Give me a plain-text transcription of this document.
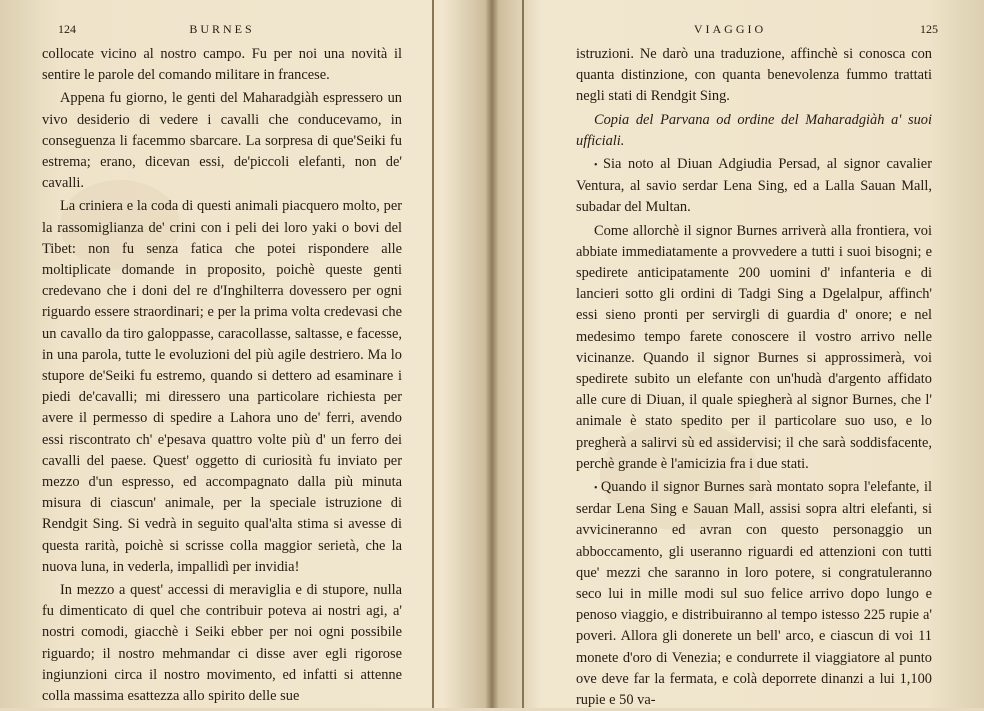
124	BURNES

collocate vicino al nostro campo. Fu per noi una novità il sentire le parole del comando militare in francese.

Appena fu giorno, le genti del Maharadgiàh espressero un vivo desiderio di vedere i cavalli che conducevamo, in conseguenza li facemmo sbarcare. La sorpresa di que'Seiki fu estrema; erano, dicevan essi, de'piccoli elefanti, non de' cavalli.

La criniera e la coda di questi animali piacquero molto, per la rassomiglianza de' crini con i peli dei loro yaki o bovi del Tibet: non fu senza fatica che potei rispondere alle moltiplicate domande in proposito, poichè queste genti credevano che i doni del re d'Inghilterra dovessero per ogni riguardo essere straordinari; e per la prima volta credevasi che un cavallo da tiro galoppasse, caracollasse, saltasse, e facesse, in una parola, tutte le evoluzioni del più agile destriero. Ma lo stupore de'Seiki fu estremo, quando si dettero ad esaminare i piedi de'cavalli; mi diressero una particolare richiesta per avere il permesso di spedire a Lahora uno de' ferri, avendo essi riscontrato ch' e'pesava quattro volte più d' un ferro dei cavalli del paese. Quest' oggetto di curiosità fu inviato per mezzo d'un espresso, ed accompagnato dalla più minuta misura di ciascun' animale, per la speciale istruzione di Rendgit Sing. Si vedrà in seguito qual'alta stima si avesse di questa rarità, poichè si scrisse colla maggior serietà, che la nuova luna, in vederla, impallidì per invidia!

In mezzo a quest' accessi di meraviglia e di stupore, nulla fu dimenticato di quel che contribuir poteva ai nostri agi, a' nostri comodi, giacchè i Seiki ebber per noi ogni possibile riguardo; il nostro mehmandar ci disse aver egli rigorose ingiunzioni circa il nostro movimento, ed infatti si attenne colla massima esattezza allo spirito delle sue

VIAGGIO	125

istruzioni. Ne darò una traduzione, affinchè si conosca con quanta distinzione, con quanta benevolenza fummo trattati negli stati di Rendgit Sing.

Copia del Parvana od ordine del Maharadgiàh a' suoi ufficiali.

• Sia noto al Diuan Adgiudia Persad, al signor cavalier Ventura, al savio serdar Lena Sing, ed a Lalla Sauan Mall, subadar del Multan.

Come allorchè il signor Burnes arriverà alla frontiera, voi abbiate immediatamente a provvedere a tutti i suoi bisogni; e spedirete anticipatamente 200 uomini d' infanteria e di lancieri sotto gli ordini di Tadgi Sing a Dgelalpur, affinch' essi sieno pronti per servirgli di guardia d' onore; e nel medesimo tempo farete conoscere il vostro arrivo nelle vicinanze. Quando il signor Burnes si approssimerà, voi spedirete subito un elefante con un'hudà d'argento affidato alle cure di Diuan, il quale spiegherà al signor Burnes, che l' animale è stato spedito per il particolare suo uso, e lo pregherà a salirvi sù ed assidervisi; il che sarà soddisfacente, perchè grande è l'amicizia fra i due stati.

• Quando il signor Burnes sarà montato sopra l'elefante, il serdar Lena Sing e Sauan Mall, assisi sopra altri elefanti, si avvicineranno ed avran con questo personaggio un abboccamento, gli useranno riguardi ed attenzioni con tutti que' mezzi che saranno in loro potere, si congratuleranno seco lui in mille modi sul suo felice arrivo dopo lungo e penoso viaggio, e distribuiranno al tempo istesso 225 rupie a' poveri. Allora gli donerete un bell' arco, e ciascun di voi 11 monete d'oro di Venezia; e condurrete il viaggiatore al punto ove deve far la fermata, e colà deporrete dinanzi a lui 1,100 rupie e 50 va-
